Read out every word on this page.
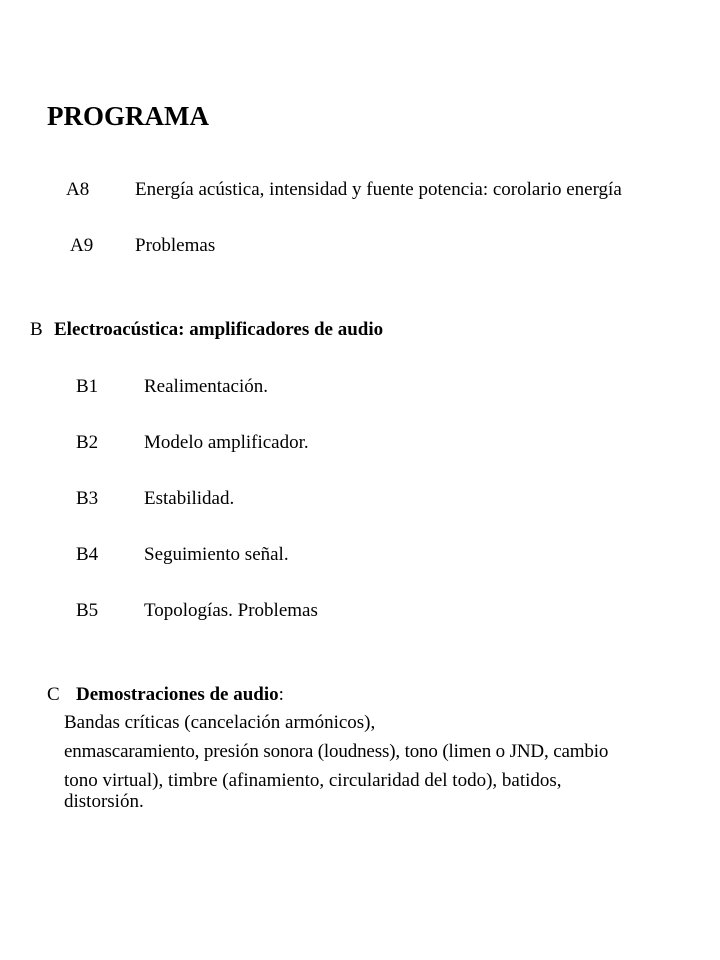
PROGRAMA
A8 Energía acústica, intensidad y fuente potencia: corolario energía
A9 Problemas
B Electroacústica: amplificadores de audio
B1 Realimentación.
B2 Modelo amplificador.
B3 Estabilidad.
B4 Seguimiento señal.
B5 Topologías. Problemas
C Demostraciones de audio:
Bandas críticas (cancelación armónicos),
enmascaramiento, presión sonora (loudness), tono (limen o JND, cambio
tono virtual), timbre (afinamiento, circularidad del todo), batidos,
distorsión.
